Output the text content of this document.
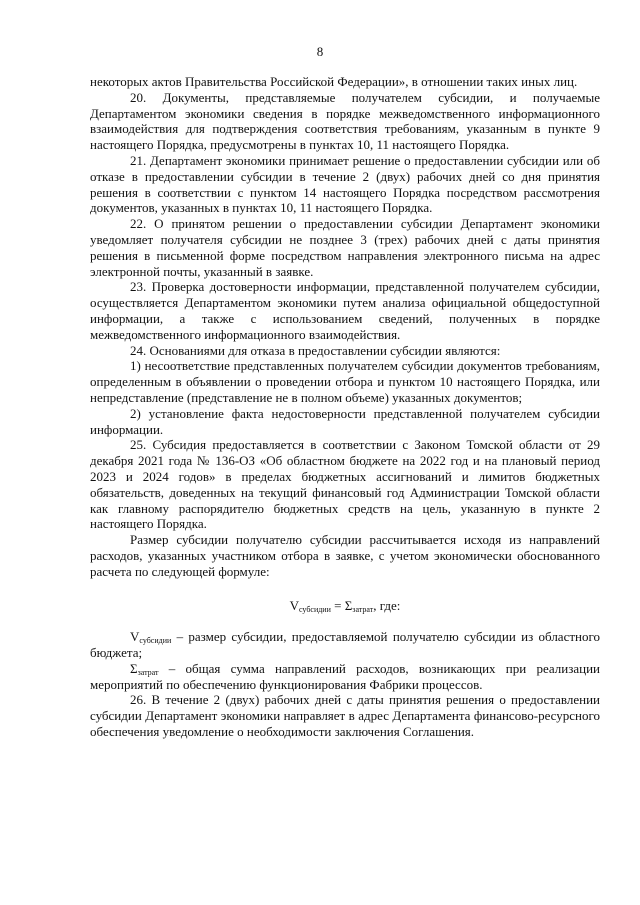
8

некоторых актов Правительства Российской Федерации», в отношении таких иных лиц.

20. Документы, представляемые получателем субсидии, и получаемые Департаментом экономики сведения в порядке межведомственного информационного взаимодействия для подтверждения соответствия требованиям, указанным в пункте 9 настоящего Порядка, предусмотрены в пунктах 10, 11 настоящего Порядка.

21. Департамент экономики принимает решение о предоставлении субсидии или об отказе в предоставлении субсидии в течение 2 (двух) рабочих дней со дня принятия решения в соответствии с пунктом 14 настоящего Порядка посредством рассмотрения документов, указанных в пунктах 10, 11 настоящего Порядка.

22. О принятом решении о предоставлении субсидии Департамент экономики уведомляет получателя субсидии не позднее 3 (трех) рабочих дней с даты принятия решения в письменной форме посредством направления электронного письма на адрес электронной почты, указанный в заявке.

23. Проверка достоверности информации, представленной получателем субсидии, осуществляется Департаментом экономики путем анализа официальной общедоступной информации, а также с использованием сведений, полученных в порядке межведомственного информационного взаимодействия.

24. Основаниями для отказа в предоставлении субсидии являются:

1) несоответствие представленных получателем субсидии документов требованиям, определенным в объявлении о проведении отбора и пунктом 10 настоящего Порядка, или непредставление (представление не в полном объеме) указанных документов;

2) установление факта недостоверности представленной получателем субсидии информации.

25. Субсидия предоставляется в соответствии с Законом Томской области от 29 декабря 2021 года № 136-ОЗ «Об областном бюджете на 2022 год и на плановый период 2023 и 2024 годов» в пределах бюджетных ассигнований и лимитов бюджетных обязательств, доведенных на текущий финансовый год Администрации Томской области как главному распорядителю бюджетных средств на цель, указанную в пункте 2 настоящего Порядка.

Размер субсидии получателю субсидии рассчитывается исходя из направлений расходов, указанных участником отбора в заявке, с учетом экономически обоснованного расчета по следующей формуле:

$V_{субсидии} = \Sigma_{затрат}$, где:

$V_{субсидии}$ – размер субсидии, предоставляемой получателю субсидии из областного бюджета;

$\Sigma_{затрат}$ – общая сумма направлений расходов, возникающих при реализации мероприятий по обеспечению функционирования Фабрики процессов.

26. В течение 2 (двух) рабочих дней с даты принятия решения о предоставлении субсидии Департамент экономики направляет в адрес Департамента финансово-ресурсного обеспечения уведомление о необходимости заключения Соглашения.
